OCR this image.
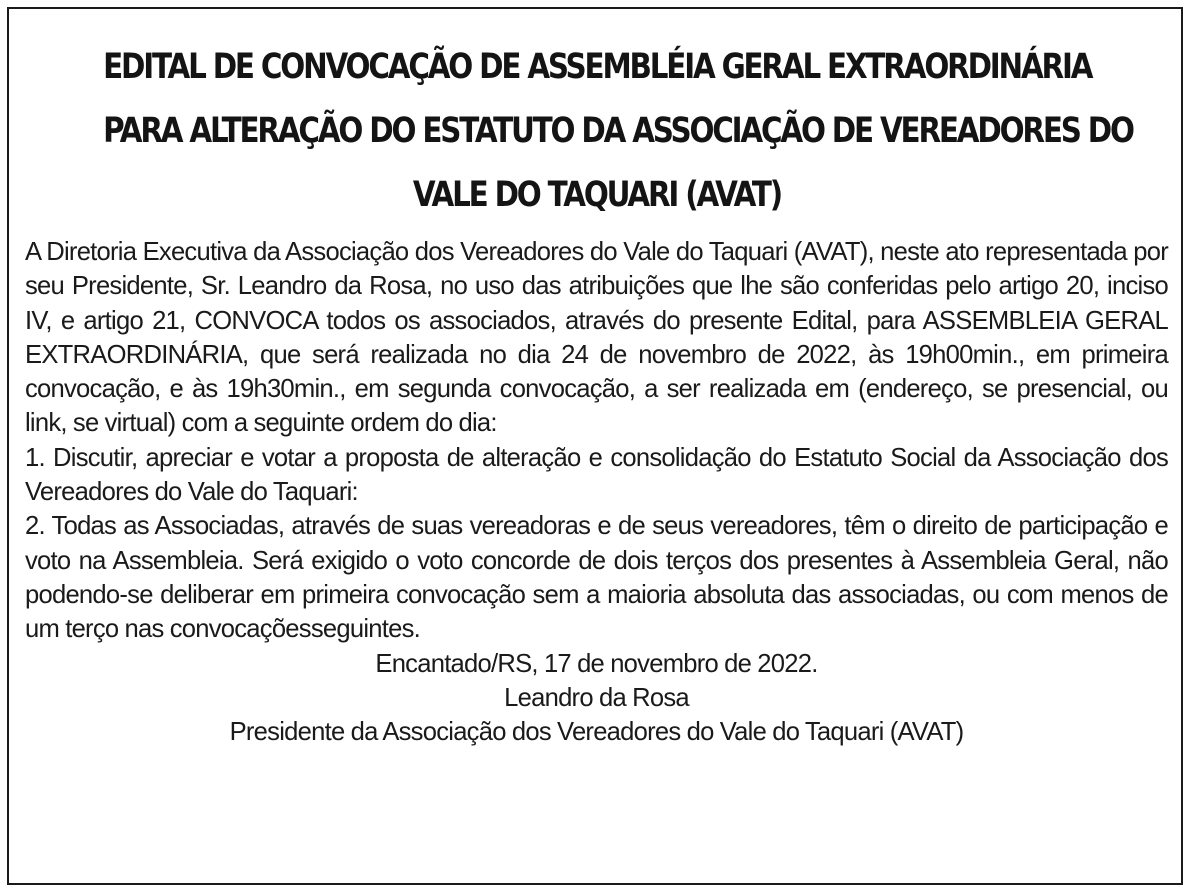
EDITAL DE CONVOCAÇÃO DE ASSEMBLÉIA GERAL EXTRAORDINÁRIA
PARA ALTERAÇÃO DO ESTATUTO DA ASSOCIAÇÃO DE VEREADORES DO
VALE DO TAQUARI (AVAT)

A Diretoria Executiva da Associação dos Vereadores do Vale do Taquari (AVAT), neste ato representada por seu Presidente, Sr. Leandro da Rosa, no uso das atribuições que lhe são conferidas pelo artigo 20, inciso IV, e artigo 21, CONVOCA todos os associados, através do presente Edital, para ASSEMBLEIA GERAL EXTRAORDINÁRIA, que será realizada no dia 24 de novembro de 2022, às 19h00min., em primeira convocação, e às 19h30min., em segunda convocação, a ser realizada em (endereço, se presencial, ou link, se virtual) com a seguinte ordem do dia:

1. Discutir, apreciar e votar a proposta de alteração e consolidação do Estatuto Social da Associação dos Vereadores do Vale do Taquari:

2. Todas as Associadas, através de suas vereadoras e de seus vereadores, têm o direito de participação e voto na Assembleia. Será exigido o voto concorde de dois terços dos presentes à Assembleia Geral, não podendo-se deliberar em primeira convocação sem a maioria absoluta das associadas, ou com menos de um terço nas convocaçõesseguintes.

Encantado/RS, 17 de novembro de 2022.

Leandro da Rosa

Presidente da Associação dos Vereadores do Vale do Taquari (AVAT)
